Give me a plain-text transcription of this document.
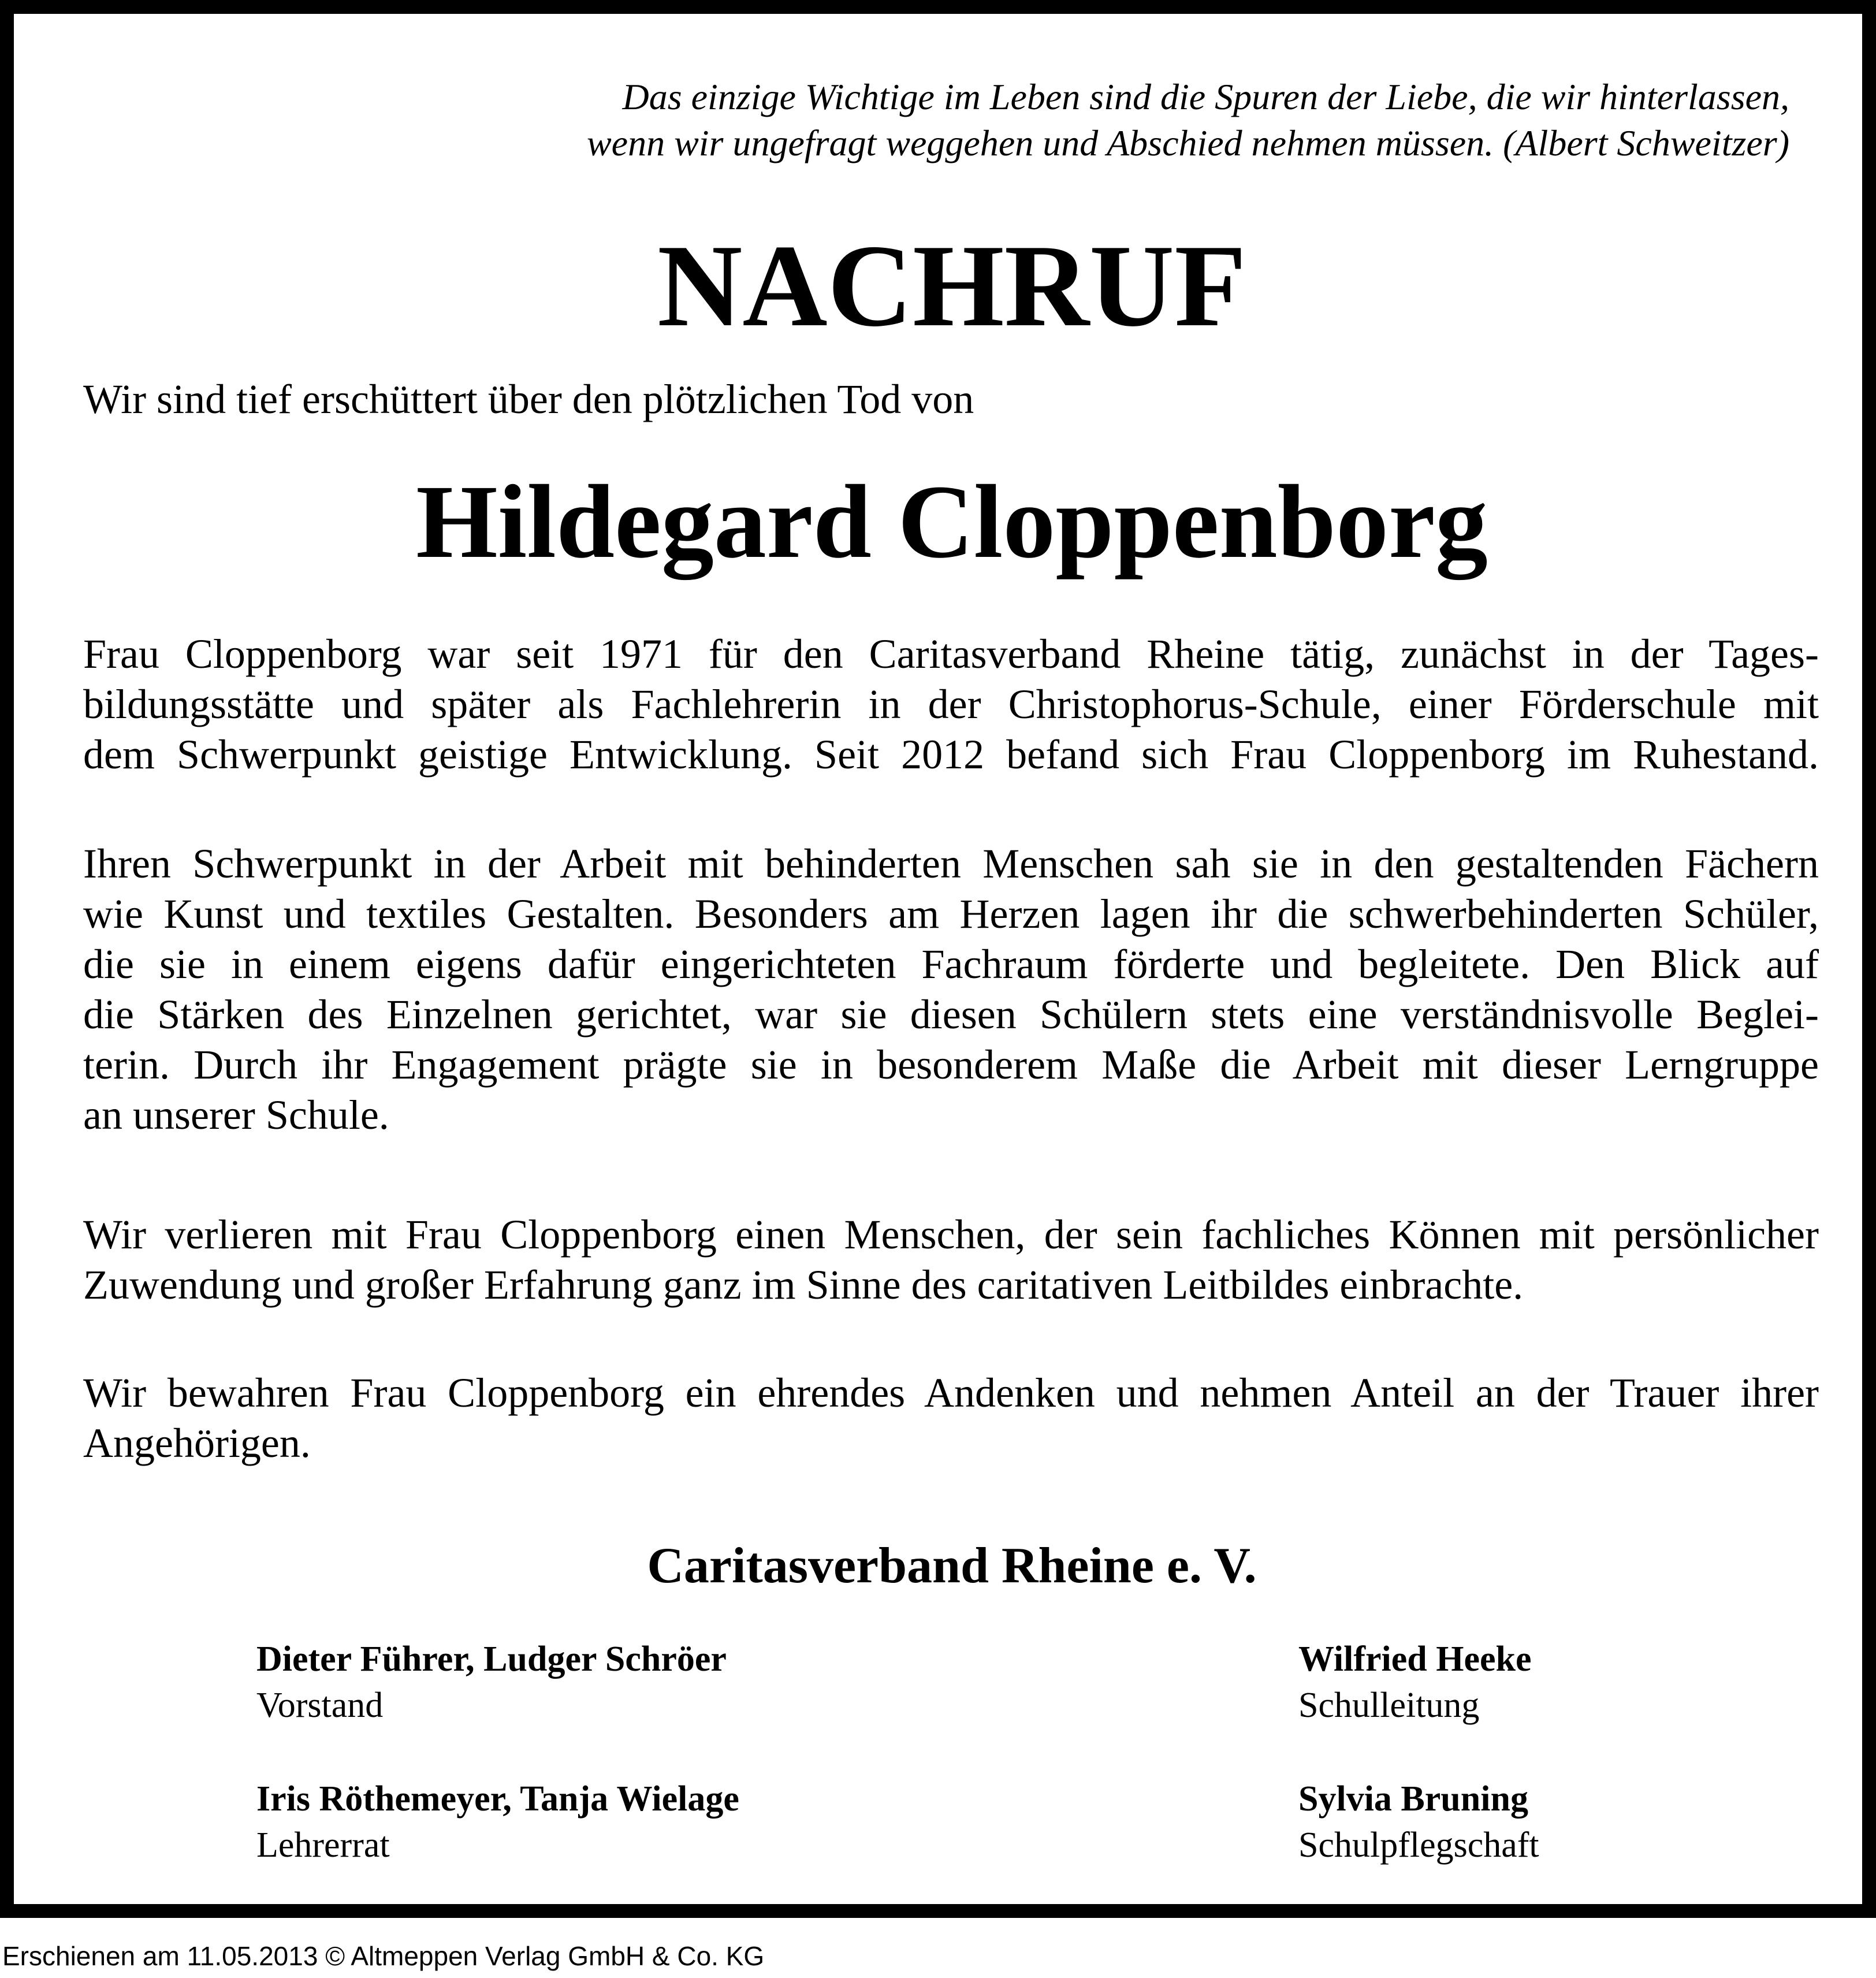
Das einzige Wichtige im Leben sind die Spuren der Liebe, die wir hinterlassen,
wenn wir ungefragt weggehen und Abschied nehmen müssen. (Albert Schweitzer)
NACHRUF
Wir sind tief erschüttert über den plötzlichen Tod von
Hildegard Cloppenborg
Frau Cloppenborg war seit 1971 für den Caritasverband Rheine tätig, zunächst in der Tages-
bildungsstätte und später als Fachlehrerin in der Christophorus-Schule, einer Förderschule mit
dem Schwerpunkt geistige Entwicklung. Seit 2012 befand sich Frau Cloppenborg im Ruhestand.
Ihren Schwerpunkt in der Arbeit mit behinderten Menschen sah sie in den gestaltenden Fächern
wie Kunst und textiles Gestalten. Besonders am Herzen lagen ihr die schwerbehinderten Schüler,
die sie in einem eigens dafür eingerichteten Fachraum förderte und begleitete. Den Blick auf
die Stärken des Einzelnen gerichtet, war sie diesen Schülern stets eine verständnisvolle Beglei-
terin. Durch ihr Engagement prägte sie in besonderem Maße die Arbeit mit dieser Lerngruppe
an unserer Schule.
Wir verlieren mit Frau Cloppenborg einen Menschen, der sein fachliches Können mit persönlicher
Zuwendung und großer Erfahrung ganz im Sinne des caritativen Leitbildes einbrachte.
Wir bewahren Frau Cloppenborg ein ehrendes Andenken und nehmen Anteil an der Trauer ihrer
Angehörigen.
Caritasverband Rheine e. V.
Dieter Führer, Ludger Schröer
Vorstand
Wilfried Heeke
Schulleitung
Iris Röthemeyer, Tanja Wielage
Lehrerrat
Sylvia Bruning
Schulpflegschaft
Erschienen am 11.05.2013 © Altmeppen Verlag GmbH & Co. KG
